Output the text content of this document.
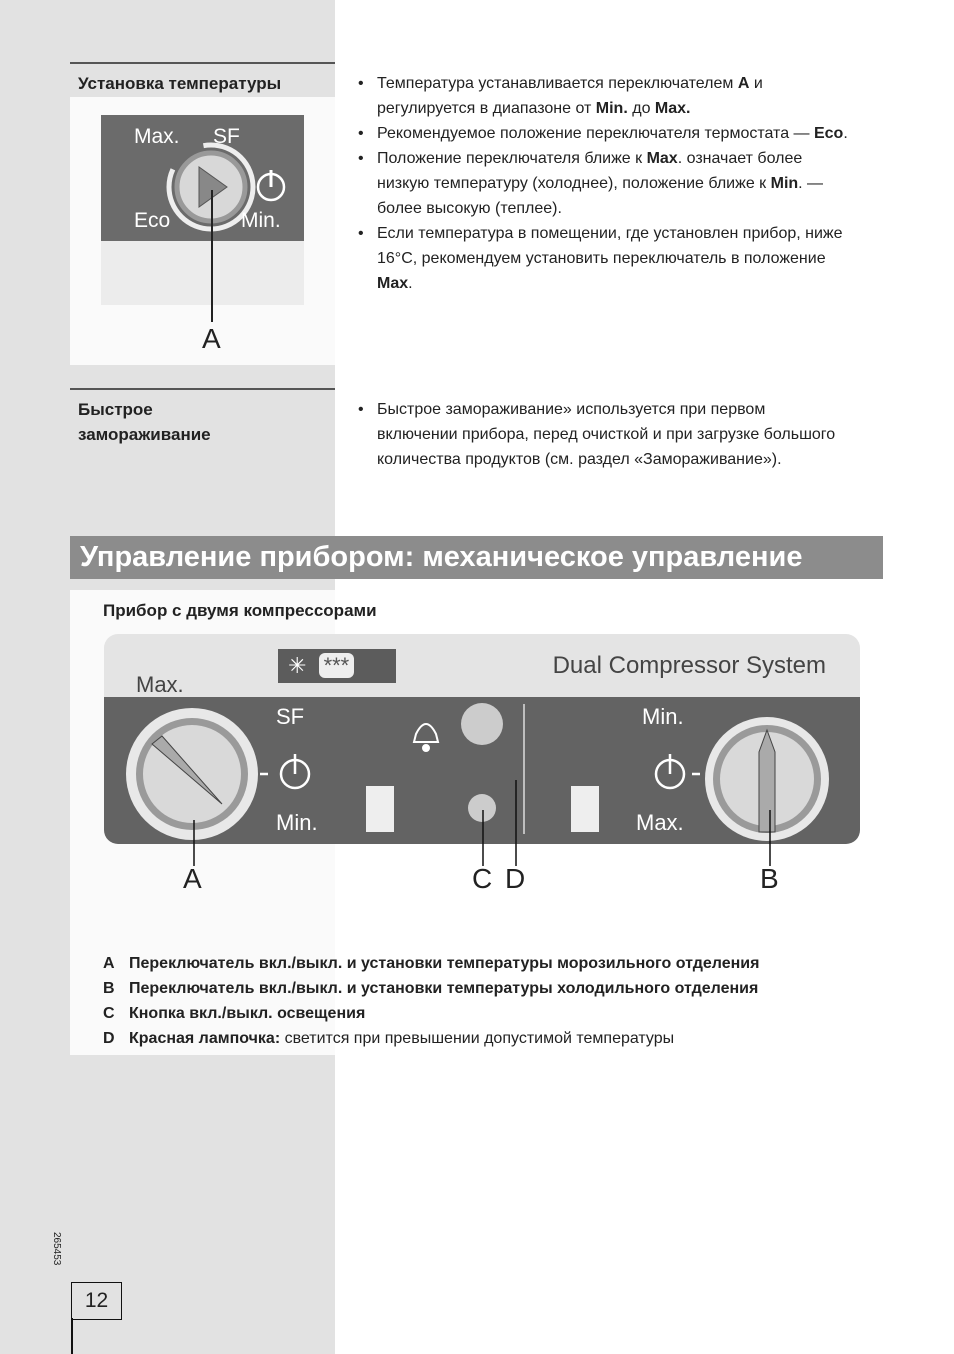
Установка температуры
Max. SF
Eco	Min.
A
• Температура устанавливается переключателем A и регулируется в диапазоне от Min. до Max.
• Рекомендуемое положение переключателя термостата — Eco.
• Положение переключателя ближе к Max. означает более низкую температуру (холоднее), положение ближе к Min. — более высокую (теплее).
• Если температура в помещении, где установлен прибор, ниже 16°C, рекомендуем установить переключатель в положение Max.
Быстрое замораживание
• Быстрое замораживание» используется при первом включении прибора, перед очисткой и при загрузке большого количества продуктов (см. раздел «Замораживание»).
Управление прибором: механическое управление
Прибор с двумя компрессорами
✳ ***	Dual Compressor System
Max.
SF
Min.
Min.
Max.
A	C D	B
A Переключатель вкл./выкл. и установки температуры морозильного отделения
B Переключатель вкл./выкл. и установки температуры холодильного отделения
C Кнопка вкл./выкл. освещения
D Красная лампочка: светится при превышении допустимой температуры
265453
12
